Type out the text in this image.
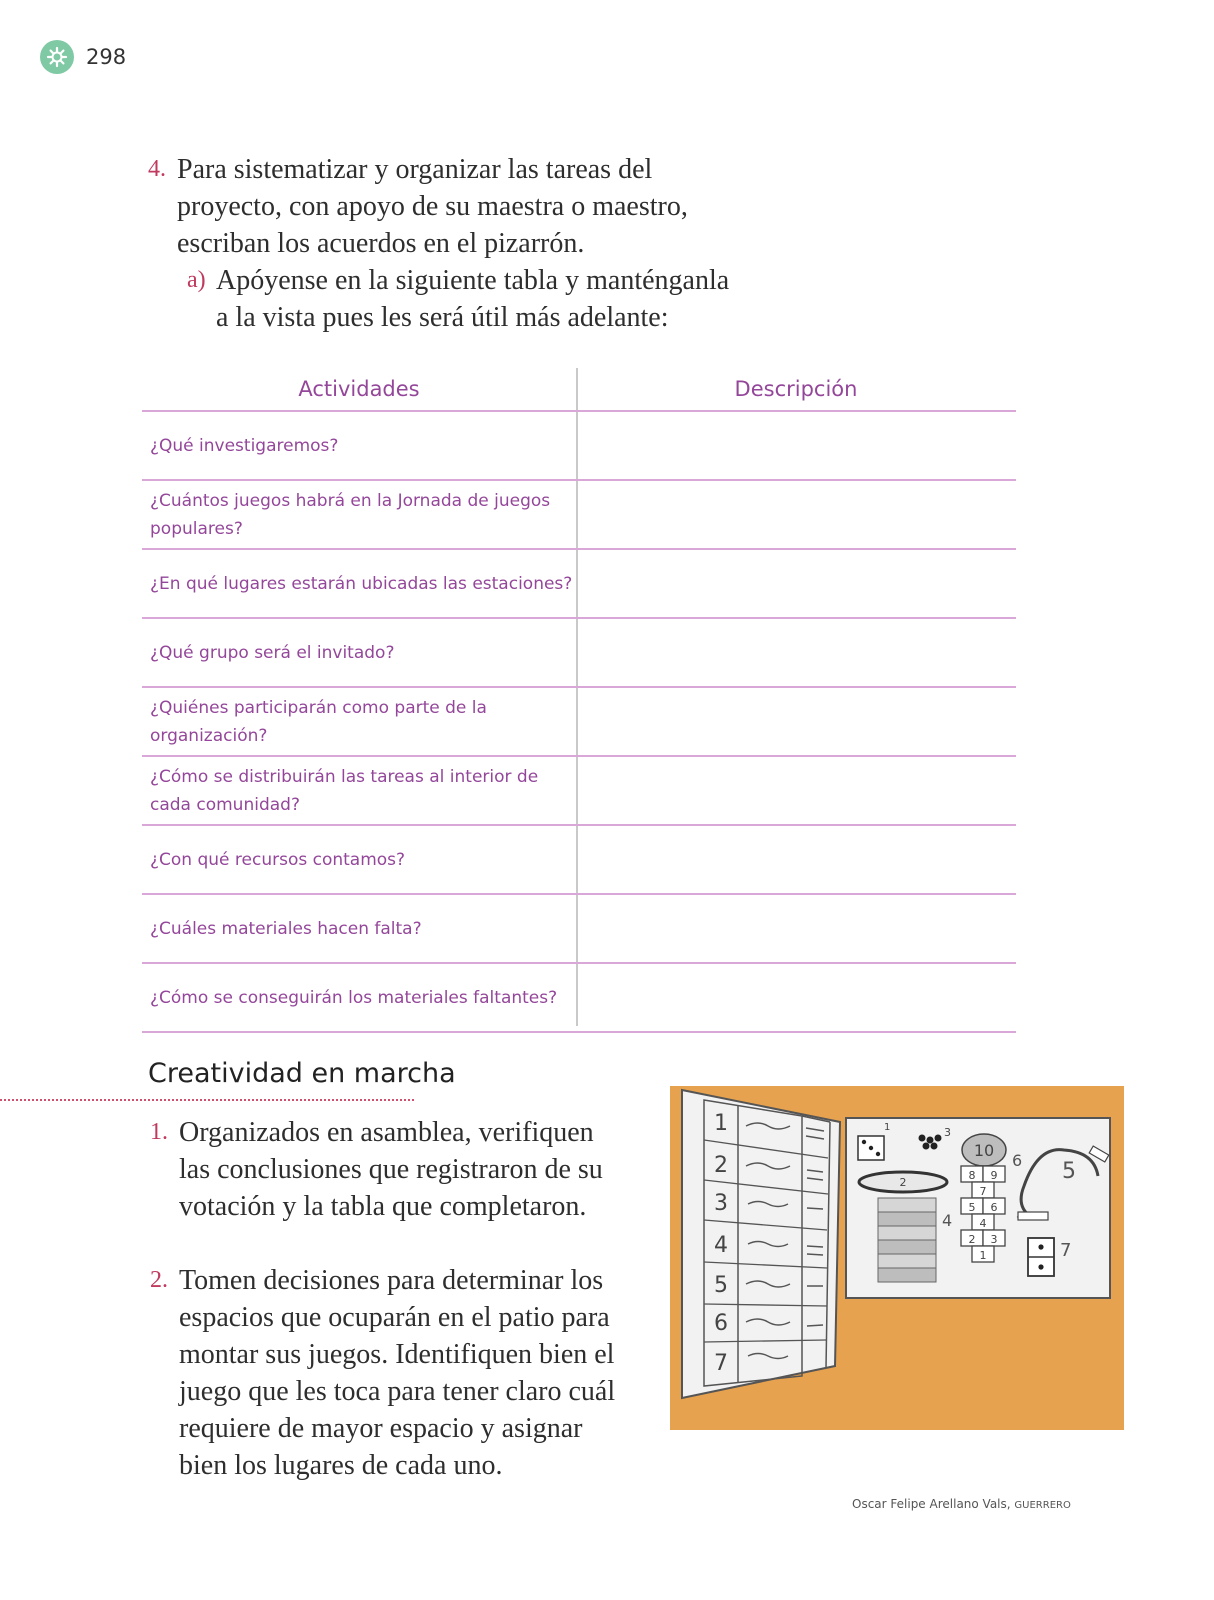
298
4. Para sistematizar y organizar las tareas del proyecto, con apoyo de su maestra o maestro, escriban los acuerdos en el pizarrón.
a) Apóyense en la siguiente tabla y manténganla a la vista pues les será útil más adelante:
Actividades	Descripción
¿Qué investigaremos?
¿Cuántos juegos habrá en la Jornada de juegos populares?
¿En qué lugares estarán ubicadas las estaciones?
¿Qué grupo será el invitado?
¿Quiénes participarán como parte de la organización?
¿Cómo se distribuirán las tareas al interior de cada comunidad?
¿Con qué recursos contamos?
¿Cuáles materiales hacen falta?
¿Cómo se conseguirán los materiales faltantes?
Creatividad en marcha
1. Organizados en asamblea, verifiquen las conclusiones que registraron de su votación y la tabla que completaron.
2. Tomen decisiones para determinar los espacios que ocuparán en el patio para montar sus juegos. Identifiquen bien el juego que les toca para tener claro cuál requiere de mayor espacio y asignar bien los lugares de cada uno.
1
2
3
4
5
6
7
1	3
2
4
10
8 9
7
5 6
4
2 3
1
6 5
7
Oscar Felipe Arellano Vals, GUERRERO
